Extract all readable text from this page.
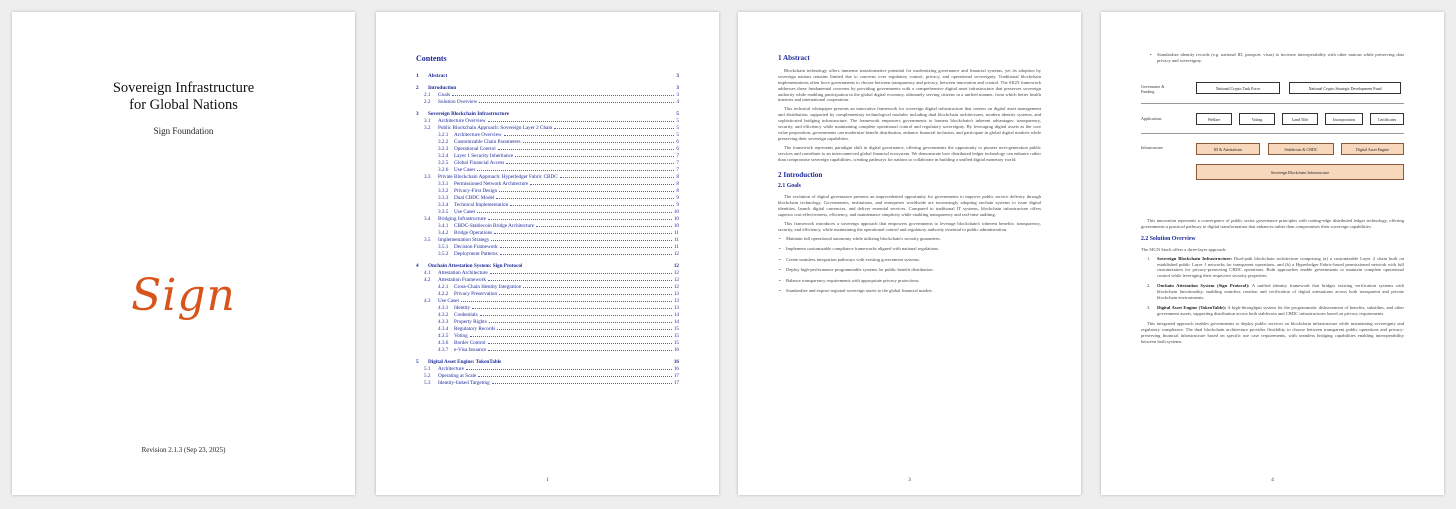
Sovereign Infrastructure
for Global Nations
Sign Foundation
Sign
Revision 2.1.3 (Sep 23, 2025)
Contents
1	Abstract	3
2	Introduction	3
2.1	Goals	3
2.2	Solution Overview	4
3	Sovereign Blockchain Infrastructure	5
3.1	Architecture Overview	5
3.2	Public Blockchain Approach: Sovereign Layer 2 Chain	5
3.2.1	Architecture Overview	5
3.2.2	Customizable Chain Parameters	6
3.2.3	Operational Control	6
3.2.4	Layer 1 Security Inheritance	7
3.2.5	Global Financial Access	7
3.2.6	Use Cases	7
3.3	Private Blockchain Approach: Hyperledger Fabric CBDC	8
3.3.1	Permissioned Network Architecture	8
3.3.2	Privacy-First Design	8
3.3.3	Dual CBDC Model	9
3.3.4	Technical Implementation	9
3.3.5	Use Cases	10
3.4	Bridging Infrastructure	10
3.4.1	CBDC-Stablecoin Bridge Architecture	10
3.4.2	Bridge Operations	11
3.5	Implementation Strategy	11
3.5.1	Decision Framework	11
3.5.2	Deployment Patterns	12
4	Onchain Attestation System: Sign Protocol	12
4.1	Attestation Architecture	12
4.2	Attestation Framework	12
4.2.1	Cross-Chain Identity Integration	12
4.2.2	Privacy Preservation	13
4.3	Use Cases	13
4.3.1	Identity	13
4.3.2	Credentials	14
4.3.3	Property Rights	14
4.3.4	Regulatory Records	15
4.3.5	Voting	15
4.3.6	Border Control	15
4.3.7	e-Visa Issuance	16
5	Digital Asset Engine: TokenTable	16
5.1	Architecture	16
5.2	Operating at Scale	17
5.3	Identity-linked Targeting	17
1
1 Abstract

Blockchain technology offers immense transformative potential for modernizing governance and financial systems, yet its adoption by sovereign nations remains limited due to concerns over regulatory control, privacy, and operational sovereignty. Traditional blockchain implementations often force governments to choose between transparency and privacy, between innovation and control. The SIGN framework addresses these fundamental concerns by providing governments with a comprehensive digital asset infrastructure that preserves sovereign authority while enabling participation in the global digital economy, ultimately serving citizens in a unified manner, from which better health interests and international cooperation.

This technical whitepaper presents an innovative framework for sovereign digital infrastructure that centers on digital asset management and distribution, supported by complementary technological modules including dual blockchain architectures, modern identity systems, and sophisticated bridging infrastructure. The framework empowers governments to harness blockchain's inherent advantages: transparency, security, and efficiency while maintaining complete operational control and regulatory sovereignty. By leveraging digital assets as the core value proposition, governments can modernize benefit distribution, enhance financial inclusion, and participate in global digital markets while preserving their sovereign capabilities.

The framework represents paradigm shift in digital governance, offering governments the opportunity to pioneer next-generation public services and contribute to an interconnected global financial ecosystem. We demonstrate how distributed ledger technology can enhance rather than compromise sovereign capabilities, creating pathways for nations to collaborate in building a unified digital monetary world.

2 Introduction
2.1 Goals

The evolution of digital governance presents an unprecedented opportunity for governments to improve public service delivery through blockchain technology. Governments, institutions, and enterprises worldwide are increasingly adopting onchain systems to issue digital identities, launch digital currencies, and deliver essential services. Compared to traditional IT systems, blockchain infrastructure offers superior cost-effectiveness, efficiency, and maintenance simplicity while enabling transparency and real-time auditing.

This framework introduces a sovereign approach that empowers governments to leverage blockchain's inherent benefits: transparency, security, and efficiency, while maintaining the operational control and regulatory authority essential to public administration.

• Maintain full operational autonomy while utilizing blockchain's security guarantees.
• Implement customizable compliance frameworks aligned with national regulations.
• Create seamless integration pathways with existing government systems.
• Deploy high-performance programmable systems for public benefit distribution.
• Balance transparency requirements with appropriate privacy protections.
• Standardize and expose regional sovereign assets to the global financial market.
3
• Standardize identity records (e.g. national ID, passport, visas) to increase interoperability with other nations while preserving data privacy and sovereignty.
Governance & Funding
National Crypto Task Force	National Crypto Strategic Development Fund
Applications	Welfare	Voting	Land Title	Incorporation	Certificates
Infrastructure	ID & Attestations	Stablecoin & CBDC	Digital Asset Engine
Sovereign Blockchain Infrastructure

This innovation represents a convergence of public sector governance principles with cutting-edge distributed ledger technology, offering governments a practical pathway to digital transformation that enhances rather than compromises their sovereign capabilities.

2.2 Solution Overview

The SIGN Stack offers a three-layer approach:

1. Sovereign Blockchain Infrastructure: Dual-path blockchain architecture comprising (a) a customizable Layer 2 chain built on established public Layer 1 networks for transparent operations, and (b) a Hyperledger Fabric-based permissioned network with full customization for privacy-preserving CBDC operations. Both approaches enable governments to maintain complete operational control while leveraging their respective security properties.
2. Onchain Attestation System (Sign Protocol): A unified identity framework that bridges existing verification systems with blockchain functionality, enabling seamless creation and verification of digital attestations across both transparent and private blockchain environments.
3. Digital Asset Engine (TokenTable): A high-throughput system for the programmatic disbursement of benefits, subsidies, and other government assets, supporting distribution across both stablecoin and CBDC infrastructures based on privacy requirements.

This integrated approach enables governments to deploy public services on blockchain infrastructure while maintaining sovereignty and regulatory compliance. The dual blockchain architecture provides flexibility to choose between transparent public operations and privacy-preserving financial infrastructure based on specific use case requirements, with seamless bridging capabilities enabling interoperability between both systems.

4
